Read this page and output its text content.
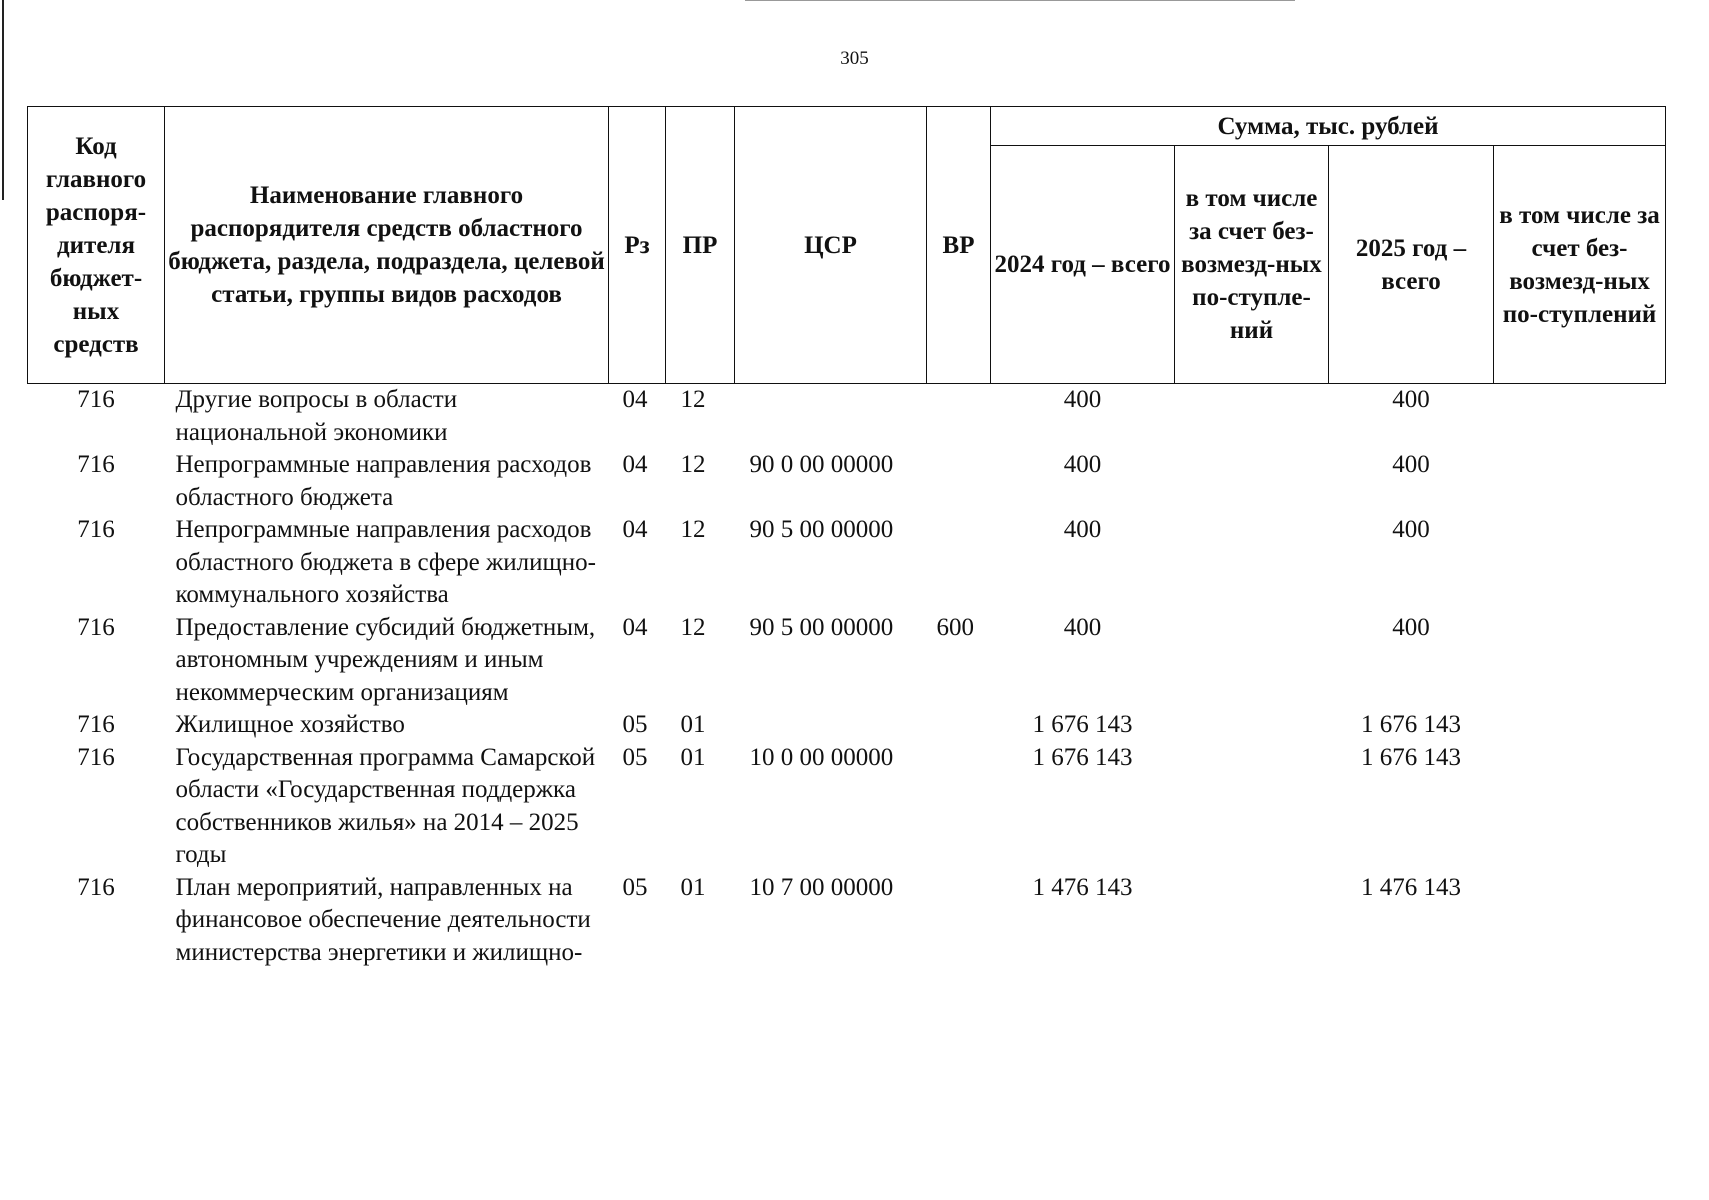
305
Код главного распоря-дителя бюджет-ных средств	Наименование главного распорядителя средств областного бюджета, раздела, подраздела, целевой статьи, группы видов расходов	Рз	ПР	ЦСР	ВР	Сумма, тыс. рублей			
						2024 год – всего	в том числе за счет без-возмезд-ных по-ступле-ний	2025 год – всего	в том числе за счет без-возмезд-ных по-ступлений
716	Другие вопросы в области национальной экономики	04	12			400		400	
716	Непрограммные направления расходов областного бюджета	04	12	90 0 00 00000		400		400	
716	Непрограммные направления расходов областного бюджета в сфере жилищно-коммунального хозяйства	04	12	90 5 00 00000		400		400	
716	Предоставление субсидий бюджетным, автономным учреждениям и иным некоммерческим организациям	04	12	90 5 00 00000	600	400		400	
716	Жилищное хозяйство	05	01			1 676 143		1 676 143	
716	Государственная программа Самарской области «Государственная поддержка собственников жилья» на 2014 – 2025 годы	05	01	10 0 00 00000		1 676 143		1 676 143	
716	План мероприятий, направленных на финансовое обеспечение деятельности министерства энергетики и жилищно-	05	01	10 7 00 00000		1 476 143		1 476 143	
